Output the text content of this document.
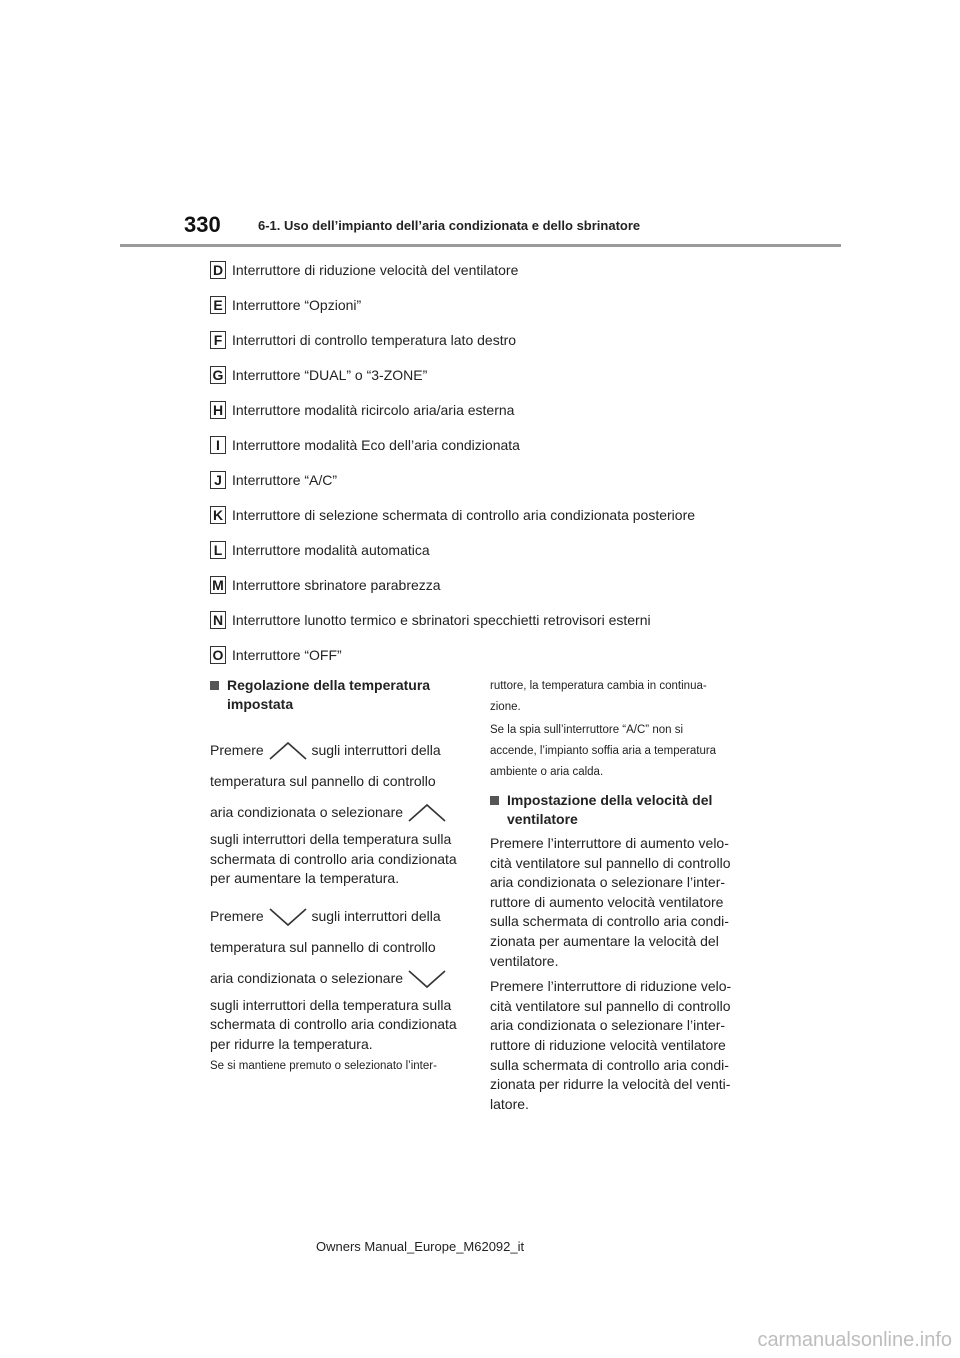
330	6-1. Uso dell’impianto dell’aria condizionata e dello sbrinatore
D Interruttore di riduzione velocità del ventilatore
E Interruttore “Opzioni”
F Interruttori di controllo temperatura lato destro
G Interruttore “DUAL” o “3-ZONE”
H Interruttore modalità ricircolo aria/aria esterna
I Interruttore modalità Eco dell’aria condizionata
J Interruttore “A/C”
K Interruttore di selezione schermata di controllo aria condizionata posteriore
L Interruttore modalità automatica
M Interruttore sbrinatore parabrezza
N Interruttore lunotto termico e sbrinatori specchietti retrovisori esterni
O Interruttore “OFF”
Regolazione della temperatura
impostata
Premere	sugli interruttori della
temperatura sul pannello di controllo
aria condizionata o selezionare
sugli interruttori della temperatura sulla
schermata di controllo aria condizionata
per aumentare la temperatura.
Premere	sugli interruttori della
temperatura sul pannello di controllo
aria condizionata o selezionare
sugli interruttori della temperatura sulla
schermata di controllo aria condizionata
per ridurre la temperatura.
Se si mantiene premuto o selezionato l’inter-
ruttore, la temperatura cambia in continua-
zione.
Se la spia sull’interruttore “A/C” non si
accende, l’impianto soffia aria a temperatura
ambiente o aria calda.
Impostazione della velocità del
ventilatore
Premere l’interruttore di aumento velo-
cità ventilatore sul pannello di controllo
aria condizionata o selezionare l’inter-
ruttore di aumento velocità ventilatore
sulla schermata di controllo aria condi-
zionata per aumentare la velocità del
ventilatore.
Premere l’interruttore di riduzione velo-
cità ventilatore sul pannello di controllo
aria condizionata o selezionare l’inter-
ruttore di riduzione velocità ventilatore
sulla schermata di controllo aria condi-
zionata per ridurre la velocità del venti-
latore.
Owners Manual_Europe_M62092_it
carmanualsonline.info
